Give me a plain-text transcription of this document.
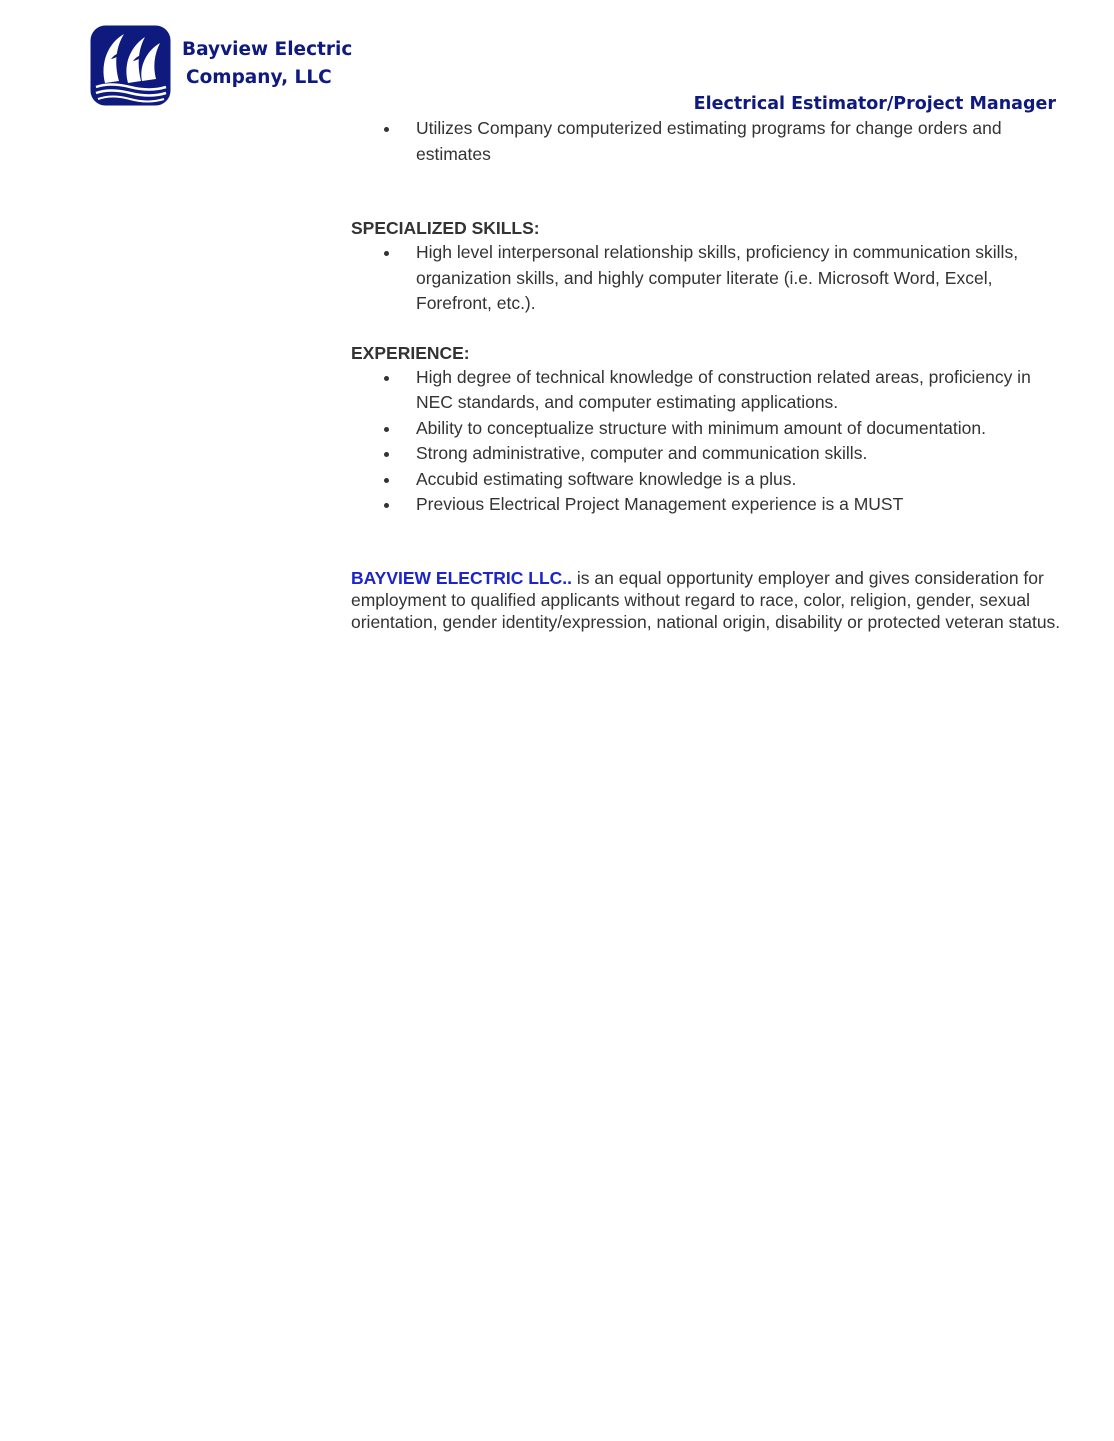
Bayview Electric
Company, LLC
Electrical Estimator/Project Manager
Utilizes Company computerized estimating programs for change orders and estimates
SPECIALIZED SKILLS:
High level interpersonal relationship skills, proficiency in communication skills, organization skills, and highly computer literate (i.e. Microsoft Word, Excel, Forefront, etc.).
EXPERIENCE:
High degree of technical knowledge of construction related areas, proficiency in NEC standards, and computer estimating applications.
Ability to conceptualize structure with minimum amount of documentation.
Strong administrative, computer and communication skills.
Accubid estimating software knowledge is a plus.
Previous Electrical Project Management experience is a MUST

BAYVIEW ELECTRIC LLC.. is an equal opportunity employer and gives consideration for employment to qualified applicants without regard to race, color, religion, gender, sexual orientation, gender identity/expression, national origin, disability or protected veteran status.
